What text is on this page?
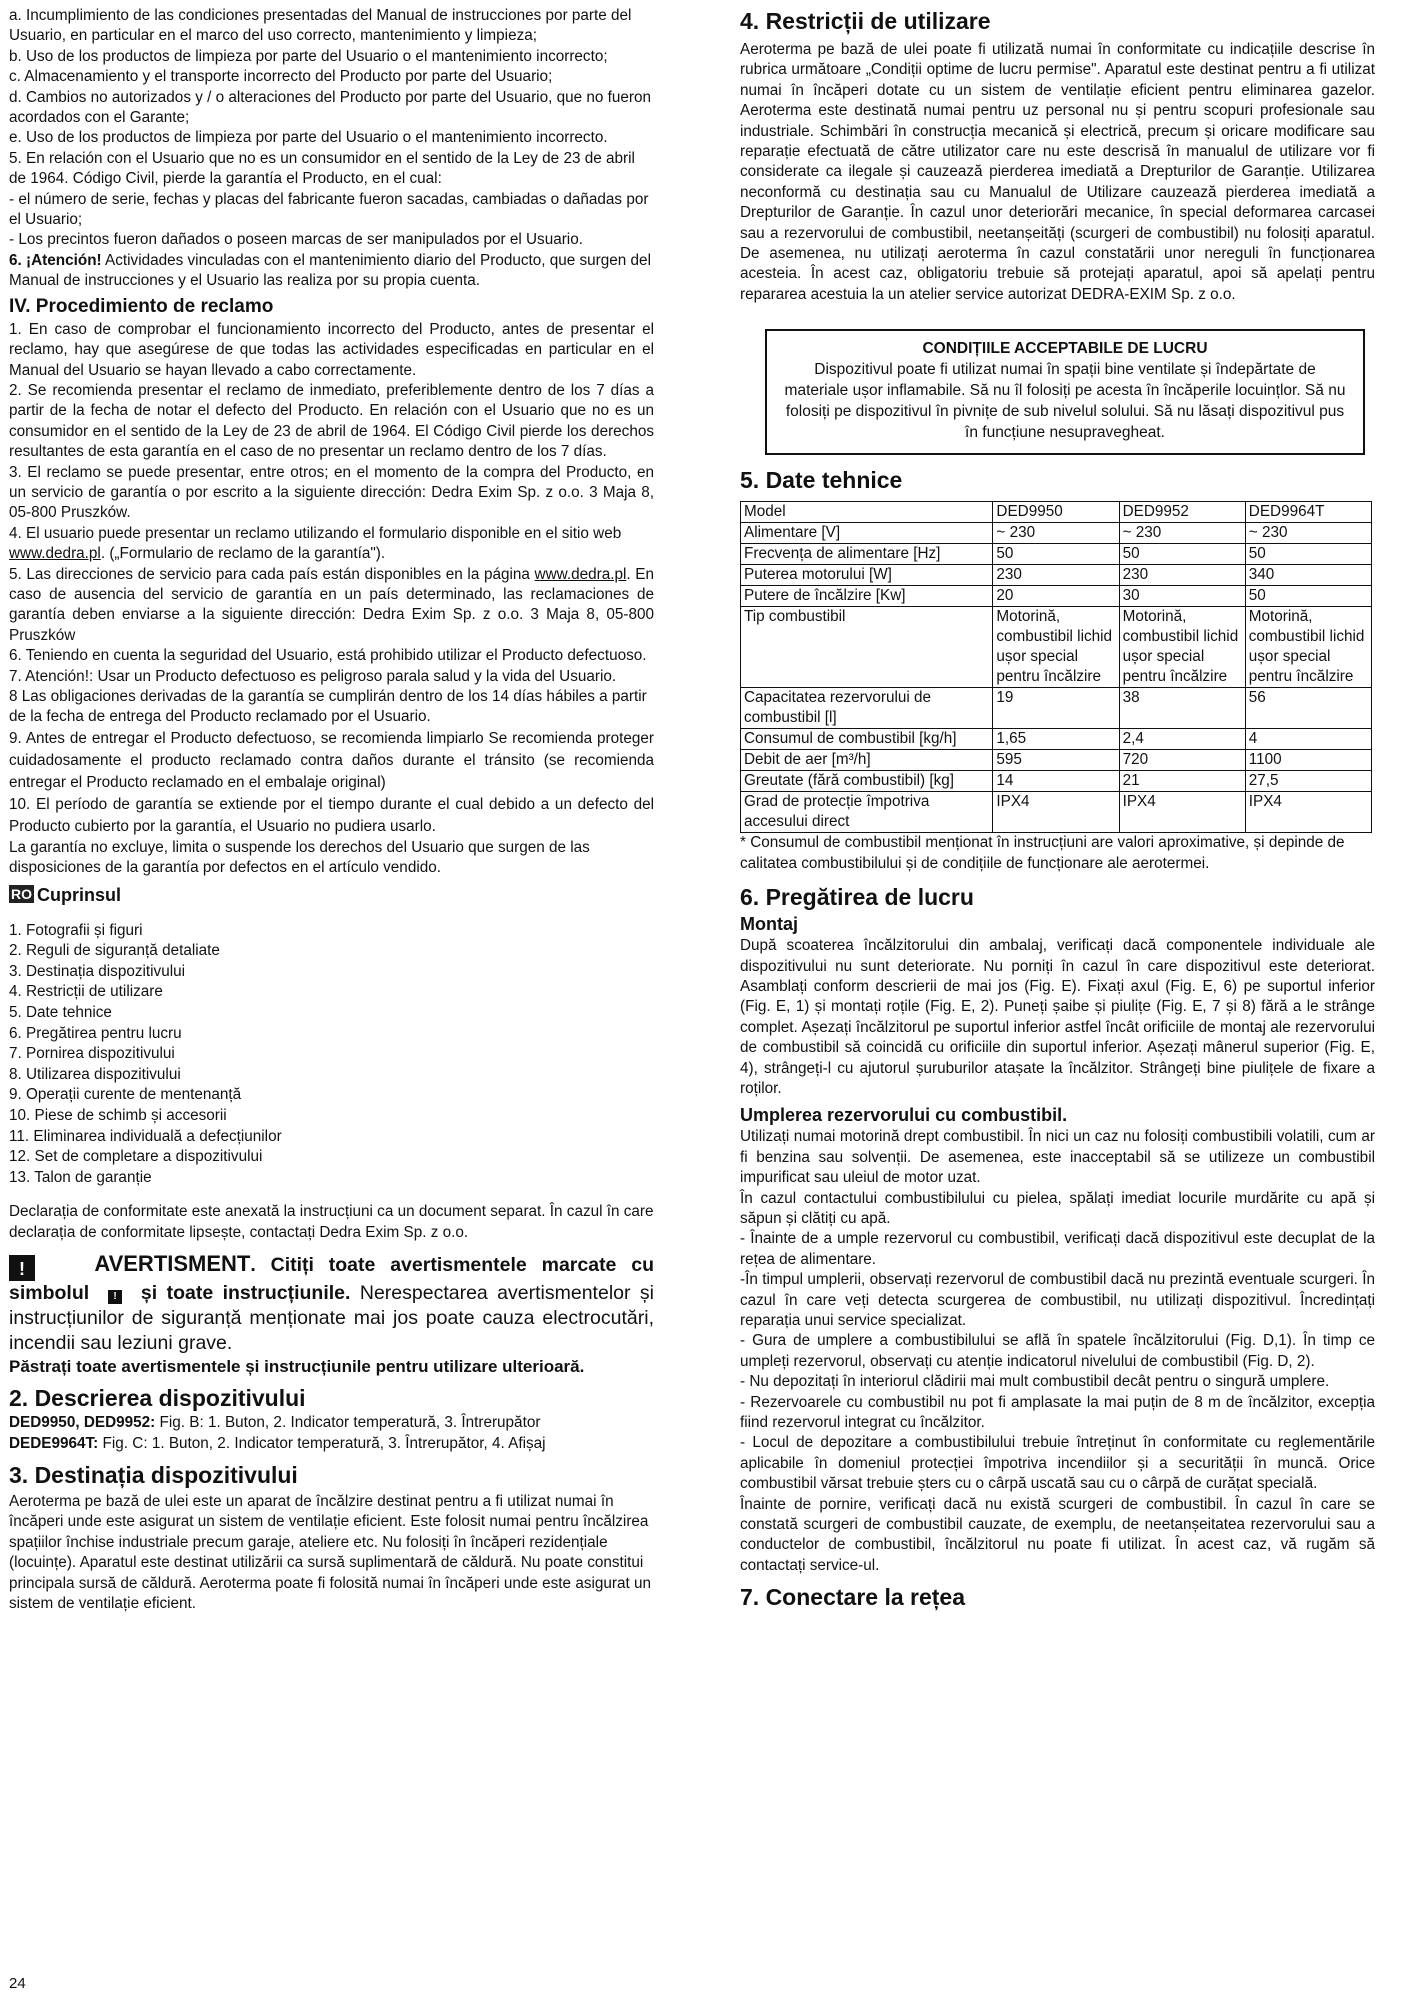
a. Incumplimiento de las condiciones presentadas del Manual de instrucciones por parte del Usuario, en particular en el marco del uso correcto, mantenimiento y limpieza;

b. Uso de los productos de limpieza por parte del Usuario o el mantenimiento incorrecto;

c. Almacenamiento y el transporte incorrecto del Producto por parte del Usuario;

d. Cambios no autorizados y / o alteraciones del Producto por parte del Usuario, que no fueron acordados con el Garante;

e. Uso de los productos de limpieza por parte del Usuario o el mantenimiento incorrecto.

5. En relación con el Usuario que no es un consumidor en el sentido de la Ley de 23 de abril de 1964. Código Civil, pierde la garantía el Producto, en el cual:

- el número de serie, fechas y placas del fabricante fueron sacadas, cambiadas o dañadas por el Usuario;

- Los precintos fueron dañados o poseen marcas de ser manipulados por el Usuario.

6. ¡Atención! Actividades vinculadas con el mantenimiento diario del Producto, que surgen del Manual de instrucciones y el Usuario las realiza por su propia cuenta.

IV. Procedimiento de reclamo

1. En caso de comprobar el funcionamiento incorrecto del Producto, antes de presentar el reclamo, hay que asegúrese de que todas las actividades especificadas en particular en el Manual del Usuario se hayan llevado a cabo correctamente.

2. Se recomienda presentar el reclamo de inmediato, preferiblemente dentro de los 7 días a partir de la fecha de notar el defecto del Producto. En relación con el Usuario que no es un consumidor en el sentido de la Ley de 23 de abril de 1964. El Código Civil pierde los derechos resultantes de esta garantía en el caso de no presentar un reclamo dentro de los 7 días.

3. El reclamo se puede presentar, entre otros; en el momento de la compra del Producto, en un servicio de garantía o por escrito a la siguiente dirección: Dedra Exim Sp. z o.o. 3 Maja 8, 05-800 Pruszków.

4. El usuario puede presentar un reclamo utilizando el formulario disponible en el sitio web www.dedra.pl. („Formulario de reclamo de la garantía").

5. Las direcciones de servicio para cada país están disponibles en la página www.dedra.pl. En caso de ausencia del servicio de garantía en un país determinado, las reclamaciones de garantía deben enviarse a la siguiente dirección: Dedra Exim Sp. z o.o. 3 Maja 8, 05-800 Pruszków

6. Teniendo en cuenta la seguridad del Usuario, está prohibido utilizar el Producto defectuoso.

7. Atención!: Usar un Producto defectuoso es peligroso parala salud y la vida del Usuario.

8 Las obligaciones derivadas de la garantía se cumplirán dentro de los 14 días hábiles a partir de la fecha de entrega del Producto reclamado por el Usuario.

9. Antes de entregar el Producto defectuoso, se recomienda limpiarlo Se recomienda proteger cuidadosamente el producto reclamado contra daños durante el tránsito (se recomienda entregar el Producto reclamado en el embalaje original)

10. El período de garantía se extiende por el tiempo durante el cual debido a un defecto del Producto cubierto por la garantía, el Usuario no pudiera usarlo.

La garantía no excluye, limita o suspende los derechos del Usuario que surgen de las disposiciones de la garantía por defectos en el artículo vendido.

RO Cuprinsul
1. Fotografii și figuri
2. Reguli de siguranță detaliate
3. Destinația dispozitivului
4. Restricții de utilizare
5. Date tehnice
6. Pregătirea pentru lucru
7. Pornirea dispozitivului
8. Utilizarea dispozitivului
9. Operații curente de mentenanță
10. Piese de schimb și accesorii
11. Eliminarea individuală a defecțiunilor
12. Set de completare a dispozitivului
13. Talon de garanție

Declarația de conformitate este anexată la instrucțiuni ca un document separat. În cazul în care declarația de conformitate lipsește, contactați Dedra Exim Sp. z o.o.

!	AVERTISMENT. Citiți toate avertismentele marcate cu simbolul ! și toate instrucțiunile. Nerespectarea avertismentelor și instrucțiunilor de siguranță menționate mai jos poate cauza electrocutări, incendii sau leziuni grave.

Păstrați toate avertismentele și instrucțiunile pentru utilizare ulterioară.

2. Descrierea dispozitivului

DED9950, DED9952: Fig. B: 1. Buton, 2. Indicator temperatură, 3. Întrerupător

DEDE9964T: Fig. C: 1. Buton, 2. Indicator temperatură, 3. Întrerupător, 4. Afișaj

3. Destinația dispozitivului

Aeroterma pe bază de ulei este un aparat de încălzire destinat pentru a fi utilizat numai în încăperi unde este asigurat un sistem de ventilație eficient. Este folosit numai pentru încălzirea spațiilor închise industriale precum garaje, ateliere etc. Nu folosiți în încăperi rezidențiale (locuințe). Aparatul este destinat utilizării ca sursă suplimentară de căldură. Nu poate constitui principala sursă de căldură. Aeroterma poate fi folosită numai în încăperi unde este asigurat un sistem de ventilație eficient.

4. Restricții de utilizare

Aeroterma pe bază de ulei poate fi utilizată numai în conformitate cu indicațiile descrise în rubrica următoare „Condiții optime de lucru permise". Aparatul este destinat pentru a fi utilizat numai în încăperi dotate cu un sistem de ventilație eficient pentru eliminarea gazelor. Aeroterma este destinată numai pentru uz personal nu și pentru scopuri profesionale sau industriale. Schimbări în construcția mecanică și electrică, precum și oricare modificare sau reparație efectuată de către utilizator care nu este descrisă în manualul de utilizare vor fi considerate ca ilegale și cauzează pierderea imediată a Drepturilor de Garanție. Utilizarea neconformă cu destinația sau cu Manualul de Utilizare cauzează pierderea imediată a Drepturilor de Garanție. În cazul unor deteriorări mecanice, în special deformarea carcasei sau a rezervorului de combustibil, neetanșeități (scurgeri de combustibil) nu folosiți aparatul. De asemenea, nu utilizați aeroterma în cazul constatării unor nereguli în funcționarea acesteia. În acest caz, obligatoriu trebuie să protejați aparatul, apoi să apelați pentru repararea acestuia la un atelier service autorizat DEDRA-EXIM Sp. z o.o.

CONDIȚIILE ACCEPTABILE DE LUCRU

Dispozitivul poate fi utilizat numai în spații bine ventilate și îndepărtate de materiale ușor inflamabile. Să nu îl folosiți pe acesta în încăperile locuințlor. Să nu folosiți pe dispozitivul în pivnițe de sub nivelul solului. Să nu lăsați dispozitivul pus în funcțiune nesupravegheat.

5. Date tehnice
Model	DED9950	DED9952	DED9964T
Alimentare [V]	~ 230	~ 230	~ 230
Frecvența de alimentare [Hz]	50	50	50
Puterea motorului [W]	230	230	340
Putere de încălzire [Kw]	20	30	50
Tip combustibil	Motorină, combustibil lichid ușor special pentru încălzire	Motorină, combustibil lichid ușor special pentru încălzire	Motorină, combustibil lichid ușor special pentru încălzire
Capacitatea rezervorului de combustibil [l]	19	38	56
Consumul de combustibil [kg/h]	1,65	2,4	4
Debit de aer [m³/h]	595	720	1100
Greutate (fără combustibil) [kg]	14	21	27,5
Grad de protecție împotriva accesului direct	IPX4	IPX4	IPX4

* Consumul de combustibil menționat în instrucțiuni are valori aproximative, și depinde de calitatea combustibilului și de condițiile de funcționare ale aerotermei.

6. Pregătirea de lucru
Montaj

După scoaterea încălzitorului din ambalaj, verificați dacă componentele individuale ale dispozitivului nu sunt deteriorate. Nu porniți în cazul în care dispozitivul este deteriorat. Asamblați conform descrierii de mai jos (Fig. E). Fixați axul (Fig. E, 6) pe suportul inferior (Fig. E, 1) și montați roțile (Fig. E, 2). Puneți șaibe și piulițe (Fig. E, 7 și 8) fără a le strânge complet. Așezați încălzitorul pe suportul inferior astfel încât orificiile de montaj ale rezervorului de combustibil să coincidă cu orificiile din suportul inferior. Așezați mânerul superior (Fig. E, 4), strângeți-l cu ajutorul șuruburilor atașate la încălzitor. Strângeți bine piulițele de fixare a roților.

Umplerea rezervorului cu combustibil.

Utilizați numai motorină drept combustibil. În nici un caz nu folosiți combustibili volatili, cum ar fi benzina sau solvenții. De asemenea, este inacceptabil să se utilizeze un combustibil impurificat sau uleiul de motor uzat.

În cazul contactului combustibilului cu pielea, spălați imediat locurile murdărite cu apă și săpun și clătiți cu apă.

- Înainte de a umple rezervorul cu combustibil, verificați dacă dispozitivul este decuplat de la rețea de alimentare.

-În timpul umplerii, observați rezervorul de combustibil dacă nu prezintă eventuale scurgeri. În cazul în care veți detecta scurgerea de combustibil, nu utilizați dispozitivul. Încredințați reparația unui service specializat.

- Gura de umplere a combustibilului se află în spatele încălzitorului (Fig. D,1). În timp ce umpleți rezervorul, observați cu atenție indicatorul nivelului de combustibil (Fig. D, 2).

- Nu depozitați în interiorul clădirii mai mult combustibil decât pentru o singură umplere.

- Rezervoarele cu combustibil nu pot fi amplasate la mai puțin de 8 m de încălzitor, excepția fiind rezervorul integrat cu încălzitor.

- Locul de depozitare a combustibilului trebuie întreținut în conformitate cu reglementările aplicabile în domeniul protecției împotriva incendiilor și a securității în muncă. Orice combustibil vărsat trebuie șters cu o cârpă uscată sau cu o cârpă de curățat specială.

Înainte de pornire, verificați dacă nu există scurgeri de combustibil. În cazul în care se constată scurgeri de combustibil cauzate, de exemplu, de neetanșeitatea rezervorului sau a conductelor de combustibil, încălzitorul nu poate fi utilizat. În acest caz, vă rugăm să contactați service-ul.

7. Conectare la rețea
24
